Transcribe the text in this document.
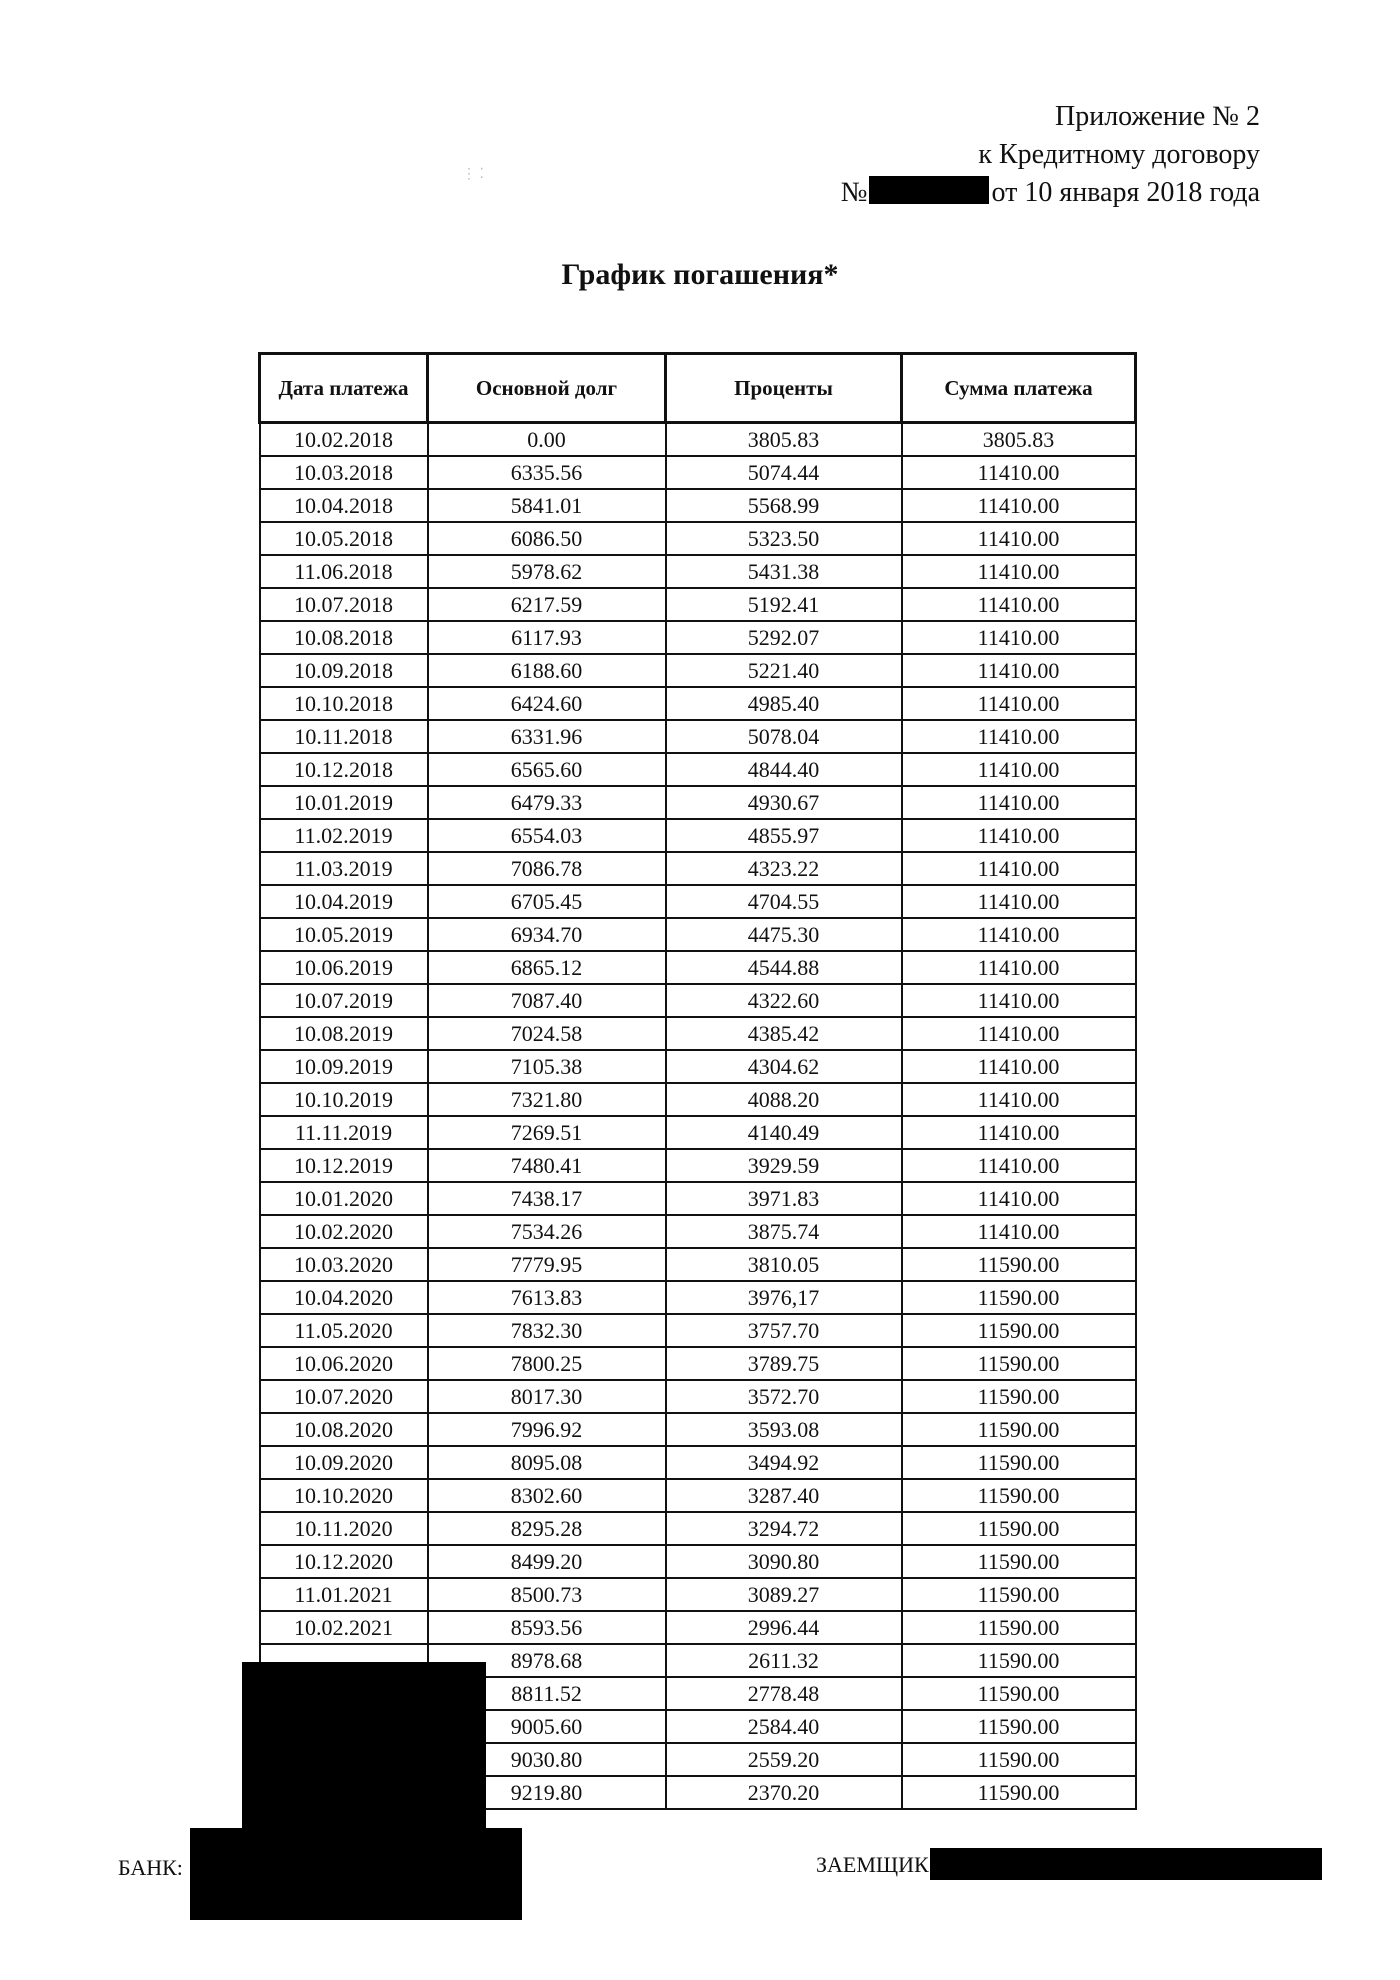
Приложение № 2
к Кредитному договору
№	от 10 января 2018 года
⋮ ⁚
График погашения*
Дата платежа	Основной долг	Проценты	Сумма платежа
10.02.2018	0.00	3805.83	3805.83
10.03.2018	6335.56	5074.44	11410.00
10.04.2018	5841.01	5568.99	11410.00
10.05.2018	6086.50	5323.50	11410.00
11.06.2018	5978.62	5431.38	11410.00
10.07.2018	6217.59	5192.41	11410.00
10.08.2018	6117.93	5292.07	11410.00
10.09.2018	6188.60	5221.40	11410.00
10.10.2018	6424.60	4985.40	11410.00
10.11.2018	6331.96	5078.04	11410.00
10.12.2018	6565.60	4844.40	11410.00
10.01.2019	6479.33	4930.67	11410.00
11.02.2019	6554.03	4855.97	11410.00
11.03.2019	7086.78	4323.22	11410.00
10.04.2019	6705.45	4704.55	11410.00
10.05.2019	6934.70	4475.30	11410.00
10.06.2019	6865.12	4544.88	11410.00
10.07.2019	7087.40	4322.60	11410.00
10.08.2019	7024.58	4385.42	11410.00
10.09.2019	7105.38	4304.62	11410.00
10.10.2019	7321.80	4088.20	11410.00
11.11.2019	7269.51	4140.49	11410.00
10.12.2019	7480.41	3929.59	11410.00
10.01.2020	7438.17	3971.83	11410.00
10.02.2020	7534.26	3875.74	11410.00
10.03.2020	7779.95	3810.05	11590.00
10.04.2020	7613.83	3976,17	11590.00
11.05.2020	7832.30	3757.70	11590.00
10.06.2020	7800.25	3789.75	11590.00
10.07.2020	8017.30	3572.70	11590.00
10.08.2020	7996.92	3593.08	11590.00
10.09.2020	8095.08	3494.92	11590.00
10.10.2020	8302.60	3287.40	11590.00
10.11.2020	8295.28	3294.72	11590.00
10.12.2020	8499.20	3090.80	11590.00
11.01.2021	8500.73	3089.27	11590.00
10.02.2021	8593.56	2996.44	11590.00
	8978.68	2611.32	11590.00
	8811.52	2778.48	11590.00
	9005.60	2584.40	11590.00
	9030.80	2559.20	11590.00
	9219.80	2370.20	11590.00
БАНК:	ЗАЕМЩИК
